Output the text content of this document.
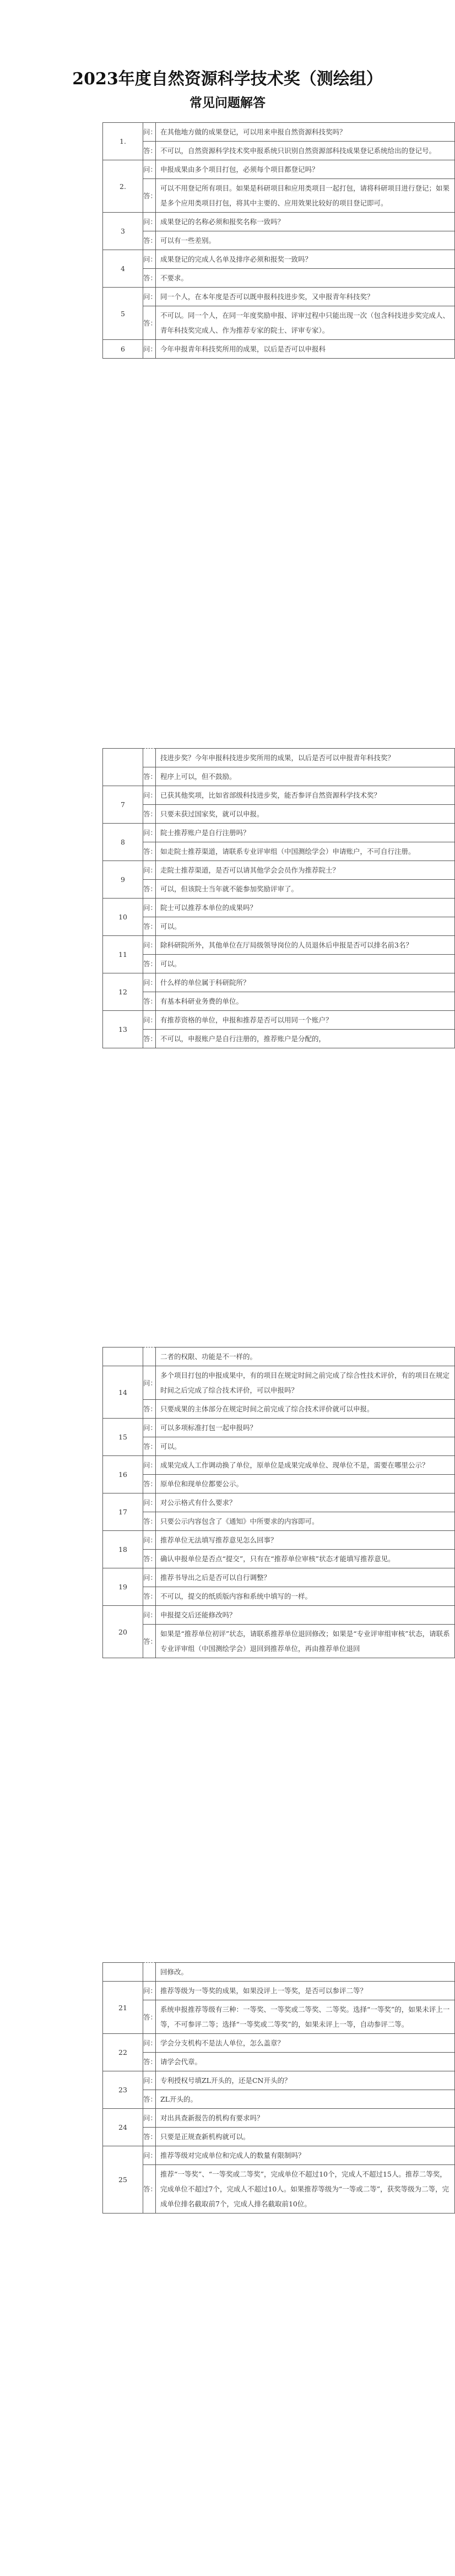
2023年度自然资源科学技术奖（测绘组）
常见问题解答
1.	问：	在其他地方做的成果登记，可以用来申报自然资源科技奖吗？
	答：	不可以，自然资源科学技术奖申报系统只识别自然资源部科技成果登记系统给出的登记号。
2.	问：	申报成果由多个项目打包，必须每个项目都登记吗？
	答：	可以不用登记所有项目。如果是科研项目和应用类项目一起打包，请将科研项目进行登记；如果是多个应用类项目打包，将其中主要的、应用效果比较好的项目登记即可。
3	问：	成果登记的名称必须和报奖名称一致吗？
	答：	可以有一些差别。
4	问：	成果登记的完成人名单及排序必须和报奖一致吗？
	答：	不要求。
5	问：	同一个人，在本年度是否可以既申报科技进步奖，又申报青年科技奖？
	答：	不可以。同一个人，在同一年度奖励申报、评审过程中只能出现一次（包含科技进步奖完成人、青年科技奖完成人、作为推荐专家的院士、评审专家）。
6	问：	今年申报青年科技奖所用的成果，以后是否可以申报科
		技进步奖？今年申报科技进步奖所用的成果，以后是否可以申报青年科技奖？
	答：	程序上可以，但不鼓励。
7	问：	已获其他奖项，比如省部级科技进步奖，能否参评自然资源科学技术奖？
	答：	只要未获过国家奖，就可以申报。
8	问：	院士推荐账户是自行注册吗？
	答：	如走院士推荐渠道，请联系专业评审组（中国测绘学会）申请账户，不可自行注册。
9	问：	走院士推荐渠道，是否可以请其他学会会员作为推荐院士？
	答：	可以，但该院士当年就不能参加奖励评审了。
10	问：	院士可以推荐本单位的成果吗？
	答：	可以。
11	问：	除科研院所外，其他单位在厅局级领导岗位的人员退休后申报是否可以排名前3名？
	答：	可以。
12	问：	什么样的单位属于科研院所？
	答：	有基本科研业务费的单位。
13	问：	有推荐资格的单位，申报和推荐是否可以用同一个账户？
	答：	不可以，申报账户是自行注册的，推荐账户是分配的，
		二者的权限、功能是不一样的。
14	问：	多个项目打包的申报成果中，有的项目在规定时间之前完成了综合性技术评价，有的项目在规定时间之后完成了综合技术评价，可以申报吗？
	答：	只要成果的主体部分在规定时间之前完成了综合技术评价就可以申报。
15	问：	可以多项标准打包一起申报吗？
	答：	可以。
16	问：	成果完成人工作调动换了单位，原单位是成果完成单位、现单位不是，需要在哪里公示？
	答：	原单位和现单位都要公示。
17	问：	对公示格式有什么要求？
	答：	只要公示内容包含了《通知》中所要求的内容即可。
18	问：	推荐单位无法填写推荐意见怎么回事？
	答：	确认申报单位是否点“提交”，只有在“推荐单位审核”状态才能填写推荐意见。
19	问：	推荐书导出之后是否可以自行调整？
	答：	不可以，提交的纸质版内容和系统中填写的一样。
20	问：	申报提交后还能修改吗？
	答：	如果是“推荐单位初评”状态，请联系推荐单位退回修改；如果是“专业评审组审核”状态，请联系专业评审组（中国测绘学会）退回到推荐单位，再由推荐单位退回
		回修改。
21	问：	推荐等级为一等奖的成果，如果没评上一等奖，是否可以参评二等？
	答：	系统申报推荐等级有三种：一等奖、一等奖或二等奖、二等奖。选择“一等奖”的，如果未评上一等，不可参评二等；选择“一等奖或二等奖”的，如果未评上一等，自动参评二等。
22	问：	学会分支机构不是法人单位，怎么盖章？
	答：	请学会代章。
23	问：	专利授权号填ZL开头的，还是CN开头的？
	答：	ZL开头的。
24	问：	对出具查新报告的机构有要求吗？
	答：	只要是正规查新机构就可以。
25	问：	推荐等级对完成单位和完成人的数量有限制吗？
	答：	推荐“一等奖”、“一等奖或二等奖”，完成单位不超过10个，完成人不超过15人。推荐二等奖，完成单位不超过7个，完成人不超过10人。如果推荐等级为“一等或二等”，获奖等级为二等，完成单位排名截取前7个，完成人排名截取前10位。
